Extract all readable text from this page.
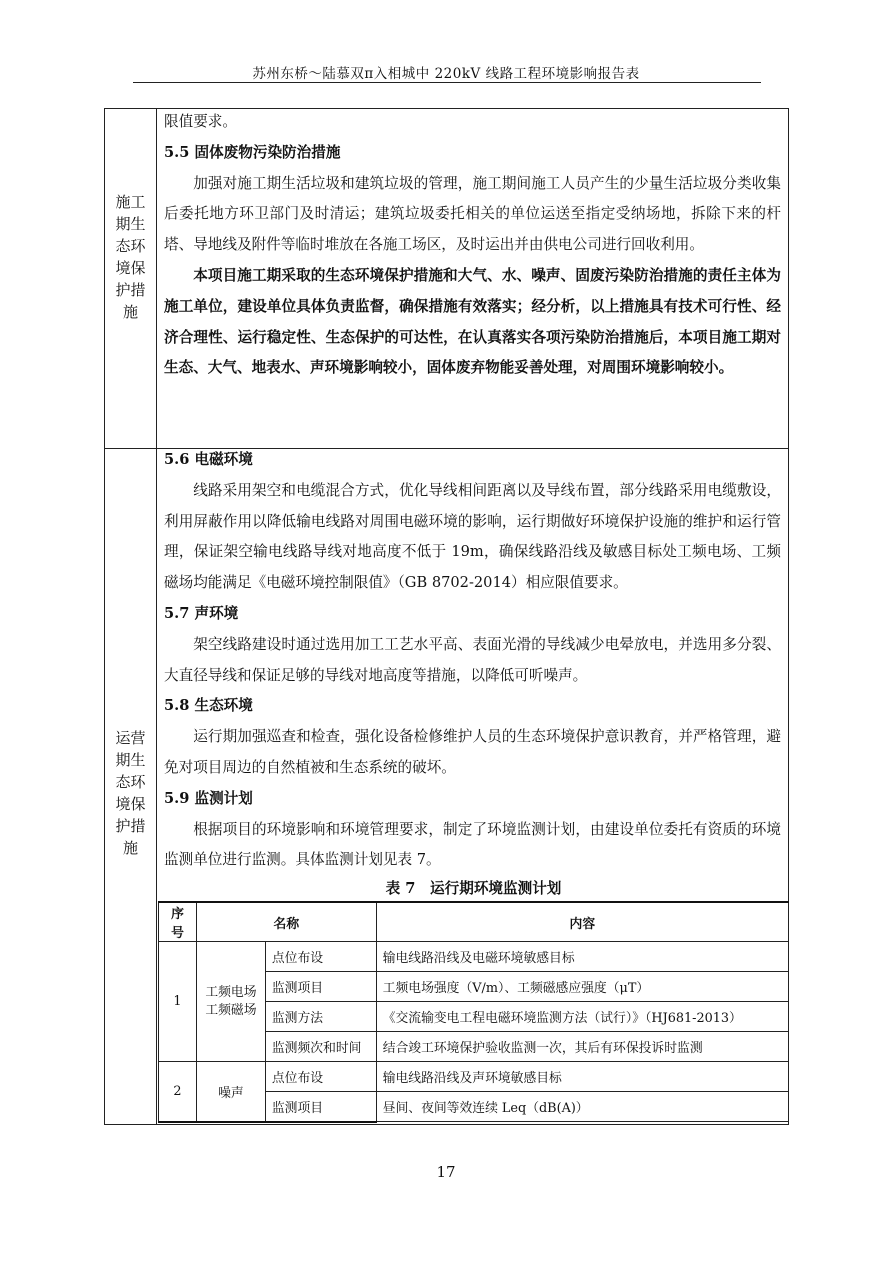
苏州东桥～陆慕双π入相城中 220kV 线路工程环境影响报告表
施工
期生
态环
境保
护措
施

限值要求。

5.5 固体废物污染防治措施

加强对施工期生活垃圾和建筑垃圾的管理，施工期间施工人员产生的少量生活垃圾分类收集后委托地方环卫部门及时清运；建筑垃圾委托相关的单位运送至指定受纳场地，拆除下来的杆塔、导地线及附件等临时堆放在各施工场区，及时运出并由供电公司进行回收利用。

本项目施工期采取的生态环境保护措施和大气、水、噪声、固废污染防治措施的责任主体为施工单位，建设单位具体负责监督，确保措施有效落实；经分析，以上措施具有技术可行性、经济合理性、运行稳定性、生态保护的可达性，在认真落实各项污染防治措施后，本项目施工期对生态、大气、地表水、声环境影响较小，固体废弃物能妥善处理，对周围环境影响较小。

运营
期生
态环
境保
护措
施

5.6 电磁环境

线路采用架空和电缆混合方式，优化导线相间距离以及导线布置，部分线路采用电缆敷设，利用屏蔽作用以降低输电线路对周围电磁环境的影响，运行期做好环境保护设施的维护和运行管理，保证架空输电线路导线对地高度不低于 19m，确保线路沿线及敏感目标处工频电场、工频磁场均能满足《电磁环境控制限值》（GB 8702-2014）相应限值要求。

5.7 声环境

架空线路建设时通过选用加工工艺水平高、表面光滑的导线减少电晕放电，并选用多分裂、大直径导线和保证足够的导线对地高度等措施，以降低可听噪声。

5.8 生态环境

运行期加强巡查和检查，强化设备检修维护人员的生态环境保护意识教育，并严格管理，避免对项目周边的自然植被和生态系统的破坏。

5.9 监测计划

根据项目的环境影响和环境管理要求，制定了环境监测计划，由建设单位委托有资质的环境监测单位进行监测。具体监测计划见表 7。

表 7　运行期环境监测计划
序号	名称		内容
1	工频电场
工频磁场	点位布设	输电线路沿线及电磁环境敏感目标
		监测项目	工频电场强度（V/m）、工频磁感应强度（μT）
		监测方法	《交流输变电工程电磁环境监测方法（试行）》（HJ681-2013）
		监测频次和时间	结合竣工环境保护验收监测一次，其后有环保投诉时监测
2	噪声	点位布设	输电线路沿线及声环境敏感目标
		监测项目	昼间、夜间等效连续 Leq（dB(A)）
17
